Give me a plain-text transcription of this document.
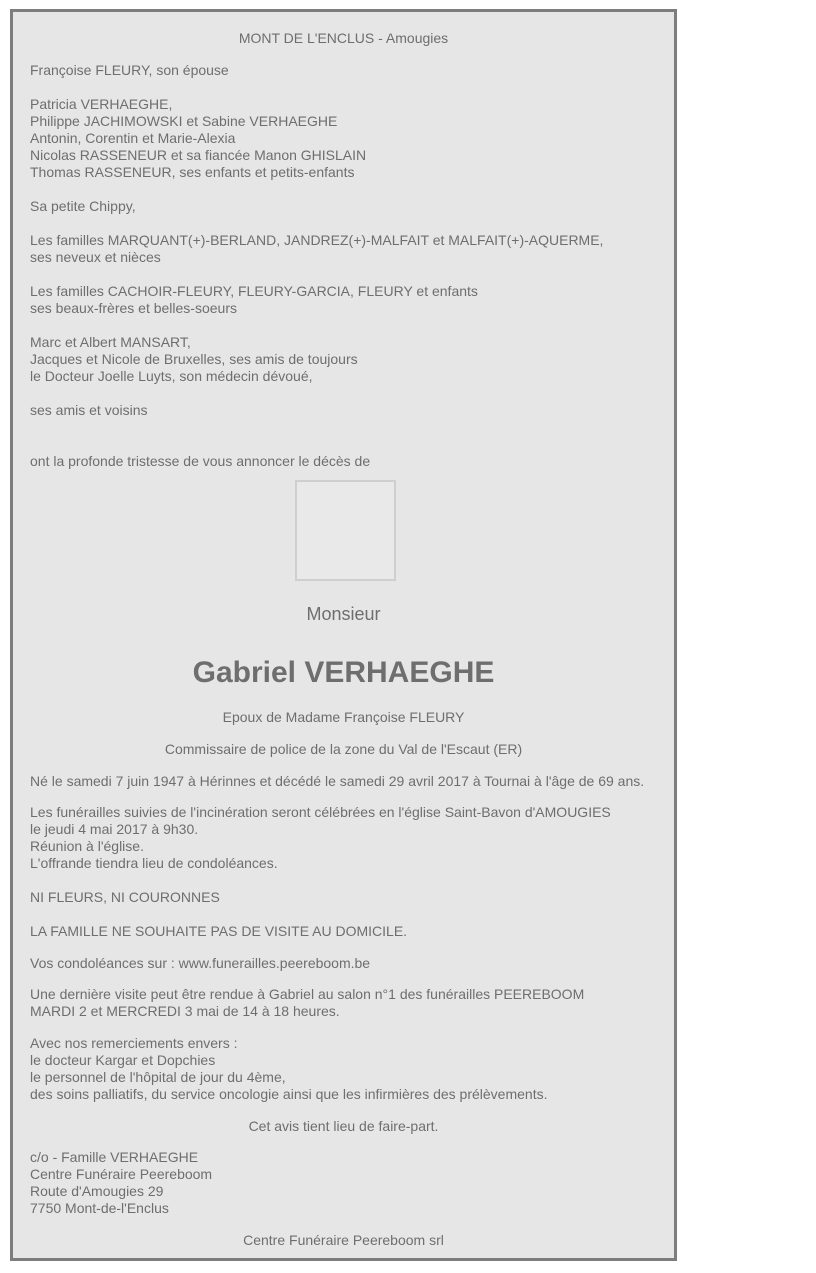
MONT DE L'ENCLUS - Amougies
Françoise FLEURY, son épouse
Patricia VERHAEGHE,
Philippe JACHIMOWSKI et Sabine VERHAEGHE
Antonin, Corentin et Marie-Alexia
Nicolas RASSENEUR et sa fiancée Manon GHISLAIN
Thomas RASSENEUR, ses enfants et petits-enfants
Sa petite Chippy,
Les familles MARQUANT(+)-BERLAND, JANDREZ(+)-MALFAIT et MALFAIT(+)-AQUERME,
ses neveux et nièces
Les familles CACHOIR-FLEURY, FLEURY-GARCIA, FLEURY et enfants
ses beaux-frères et belles-soeurs
Marc et Albert MANSART,
Jacques et Nicole de Bruxelles, ses amis de toujours
le Docteur Joelle Luyts, son médecin dévoué,
ses amis et voisins
ont la profonde tristesse de vous annoncer le décès de
Monsieur
Gabriel VERHAEGHE
Epoux de Madame Françoise FLEURY
Commissaire de police de la zone du Val de l'Escaut (ER)
Né le samedi 7 juin 1947 à Hérinnes et décédé le samedi 29 avril 2017 à Tournai à l'âge de 69 ans.
Les funérailles suivies de l'incinération seront célébrées en l'église Saint-Bavon d'AMOUGIES
le jeudi 4 mai 2017 à 9h30.
Réunion à l'église.
L'offrande tiendra lieu de condoléances.
NI FLEURS, NI COURONNES
LA FAMILLE NE SOUHAITE PAS DE VISITE AU DOMICILE.
Vos condoléances sur : www.funerailles.peereboom.be
Une dernière visite peut être rendue à Gabriel au salon n°1 des funérailles PEEREBOOM
MARDI 2 et MERCREDI 3 mai de 14 à 18 heures.
Avec nos remerciements envers :
le docteur Kargar et Dopchies
le personnel de l'hôpital de jour du 4ème,
des soins palliatifs, du service oncologie ainsi que les infirmières des prélèvements.
Cet avis tient lieu de faire-part.
c/o - Famille VERHAEGHE
Centre Funéraire Peereboom
Route d'Amougies 29
7750 Mont-de-l'Enclus
Centre Funéraire Peereboom srl
